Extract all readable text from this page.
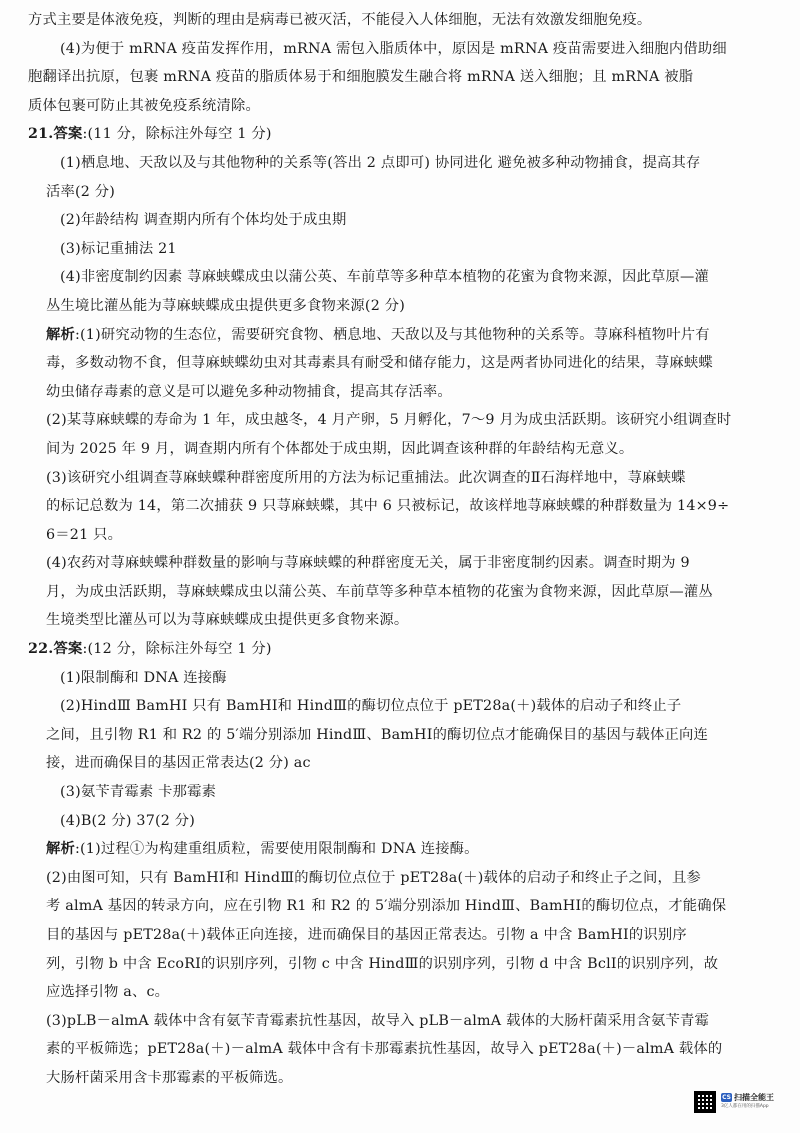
方式主要是体液免疫，判断的理由是病毒已被灭活，不能侵入人体细胞，无法有效激发细胞免疫。
(4)为便于 mRNA 疫苗发挥作用，mRNA 需包入脂质体中，原因是 mRNA 疫苗需要进入细胞内借助细
胞翻译出抗原，包裹 mRNA 疫苗的脂质体易于和细胞膜发生融合将 mRNA 送入细胞；且 mRNA 被脂
质体包裹可防止其被免疫系统清除。
21.答案:(11 分，除标注外每空 1 分)
(1)栖息地、天敌以及与其他物种的关系等(答出 2 点即可) 协同进化 避免被多种动物捕食，提高其存
活率(2 分)
(2)年龄结构 调查期内所有个体均处于成虫期
(3)标记重捕法 21
(4)非密度制约因素 荨麻蛱蝶成虫以蒲公英、车前草等多种草本植物的花蜜为食物来源，因此草原—灌
丛生境比灌丛能为荨麻蛱蝶成虫提供更多食物来源(2 分)
解析:(1)研究动物的生态位，需要研究食物、栖息地、天敌以及与其他物种的关系等。荨麻科植物叶片有
毒，多数动物不食，但荨麻蛱蝶幼虫对其毒素具有耐受和储存能力，这是两者协同进化的结果，荨麻蛱蝶
幼虫储存毒素的意义是可以避免多种动物捕食，提高其存活率。
(2)某荨麻蛱蝶的寿命为 1 年，成虫越冬，4 月产卵，5 月孵化，7～9 月为成虫活跃期。该研究小组调查时
间为 2025 年 9 月，调查期内所有个体都处于成虫期，因此调查该种群的年龄结构无意义。
(3)该研究小组调查荨麻蛱蝶种群密度所用的方法为标记重捕法。此次调查的Ⅱ石海样地中，荨麻蛱蝶
的标记总数为 14，第二次捕获 9 只荨麻蛱蝶，其中 6 只被标记，故该样地荨麻蛱蝶的种群数量为 14×9÷
6＝21 只。
(4)农药对荨麻蛱蝶种群数量的影响与荨麻蛱蝶的种群密度无关，属于非密度制约因素。调查时期为 9
月，为成虫活跃期，荨麻蛱蝶成虫以蒲公英、车前草等多种草本植物的花蜜为食物来源，因此草原—灌丛
生境类型比灌丛可以为荨麻蛱蝶成虫提供更多食物来源。
22.答案:(12 分，除标注外每空 1 分)
(1)限制酶和 DNA 连接酶
(2)HindⅢ BamHⅠ 只有 BamHⅠ和 HindⅢ的酶切位点位于 pET28a(＋)载体的启动子和终止子
之间，且引物 R1 和 R2 的 5′端分别添加 HindⅢ、BamHⅠ的酶切位点才能确保目的基因与载体正向连
接，进而确保目的基因正常表达(2 分) ac
(3)氨苄青霉素 卡那霉素
(4)B(2 分) 37(2 分)
解析:(1)过程①为构建重组质粒，需要使用限制酶和 DNA 连接酶。
(2)由图可知，只有 BamHⅠ和 HindⅢ的酶切位点位于 pET28a(＋)载体的启动子和终止子之间，且参
考 almA 基因的转录方向，应在引物 R1 和 R2 的 5′端分别添加 HindⅢ、BamHⅠ的酶切位点，才能确保
目的基因与 pET28a(＋)载体正向连接，进而确保目的基因正常表达。引物 a 中含 BamHⅠ的识别序
列，引物 b 中含 EcoRⅠ的识别序列，引物 c 中含 HindⅢ的识别序列，引物 d 中含 BclⅠ的识别序列，故
应选择引物 a、c。
(3)pLB－almA 载体中含有氨苄青霉素抗性基因，故导入 pLB－almA 载体的大肠杆菌采用含氨苄青霉
素的平板筛选；pET28a(＋)－almA 载体中含有卡那霉素抗性基因，故导入 pET28a(＋)－almA 载体的
大肠杆菌采用含卡那霉素的平板筛选。
CS 扫描全能王
3亿人都在用的扫描App
